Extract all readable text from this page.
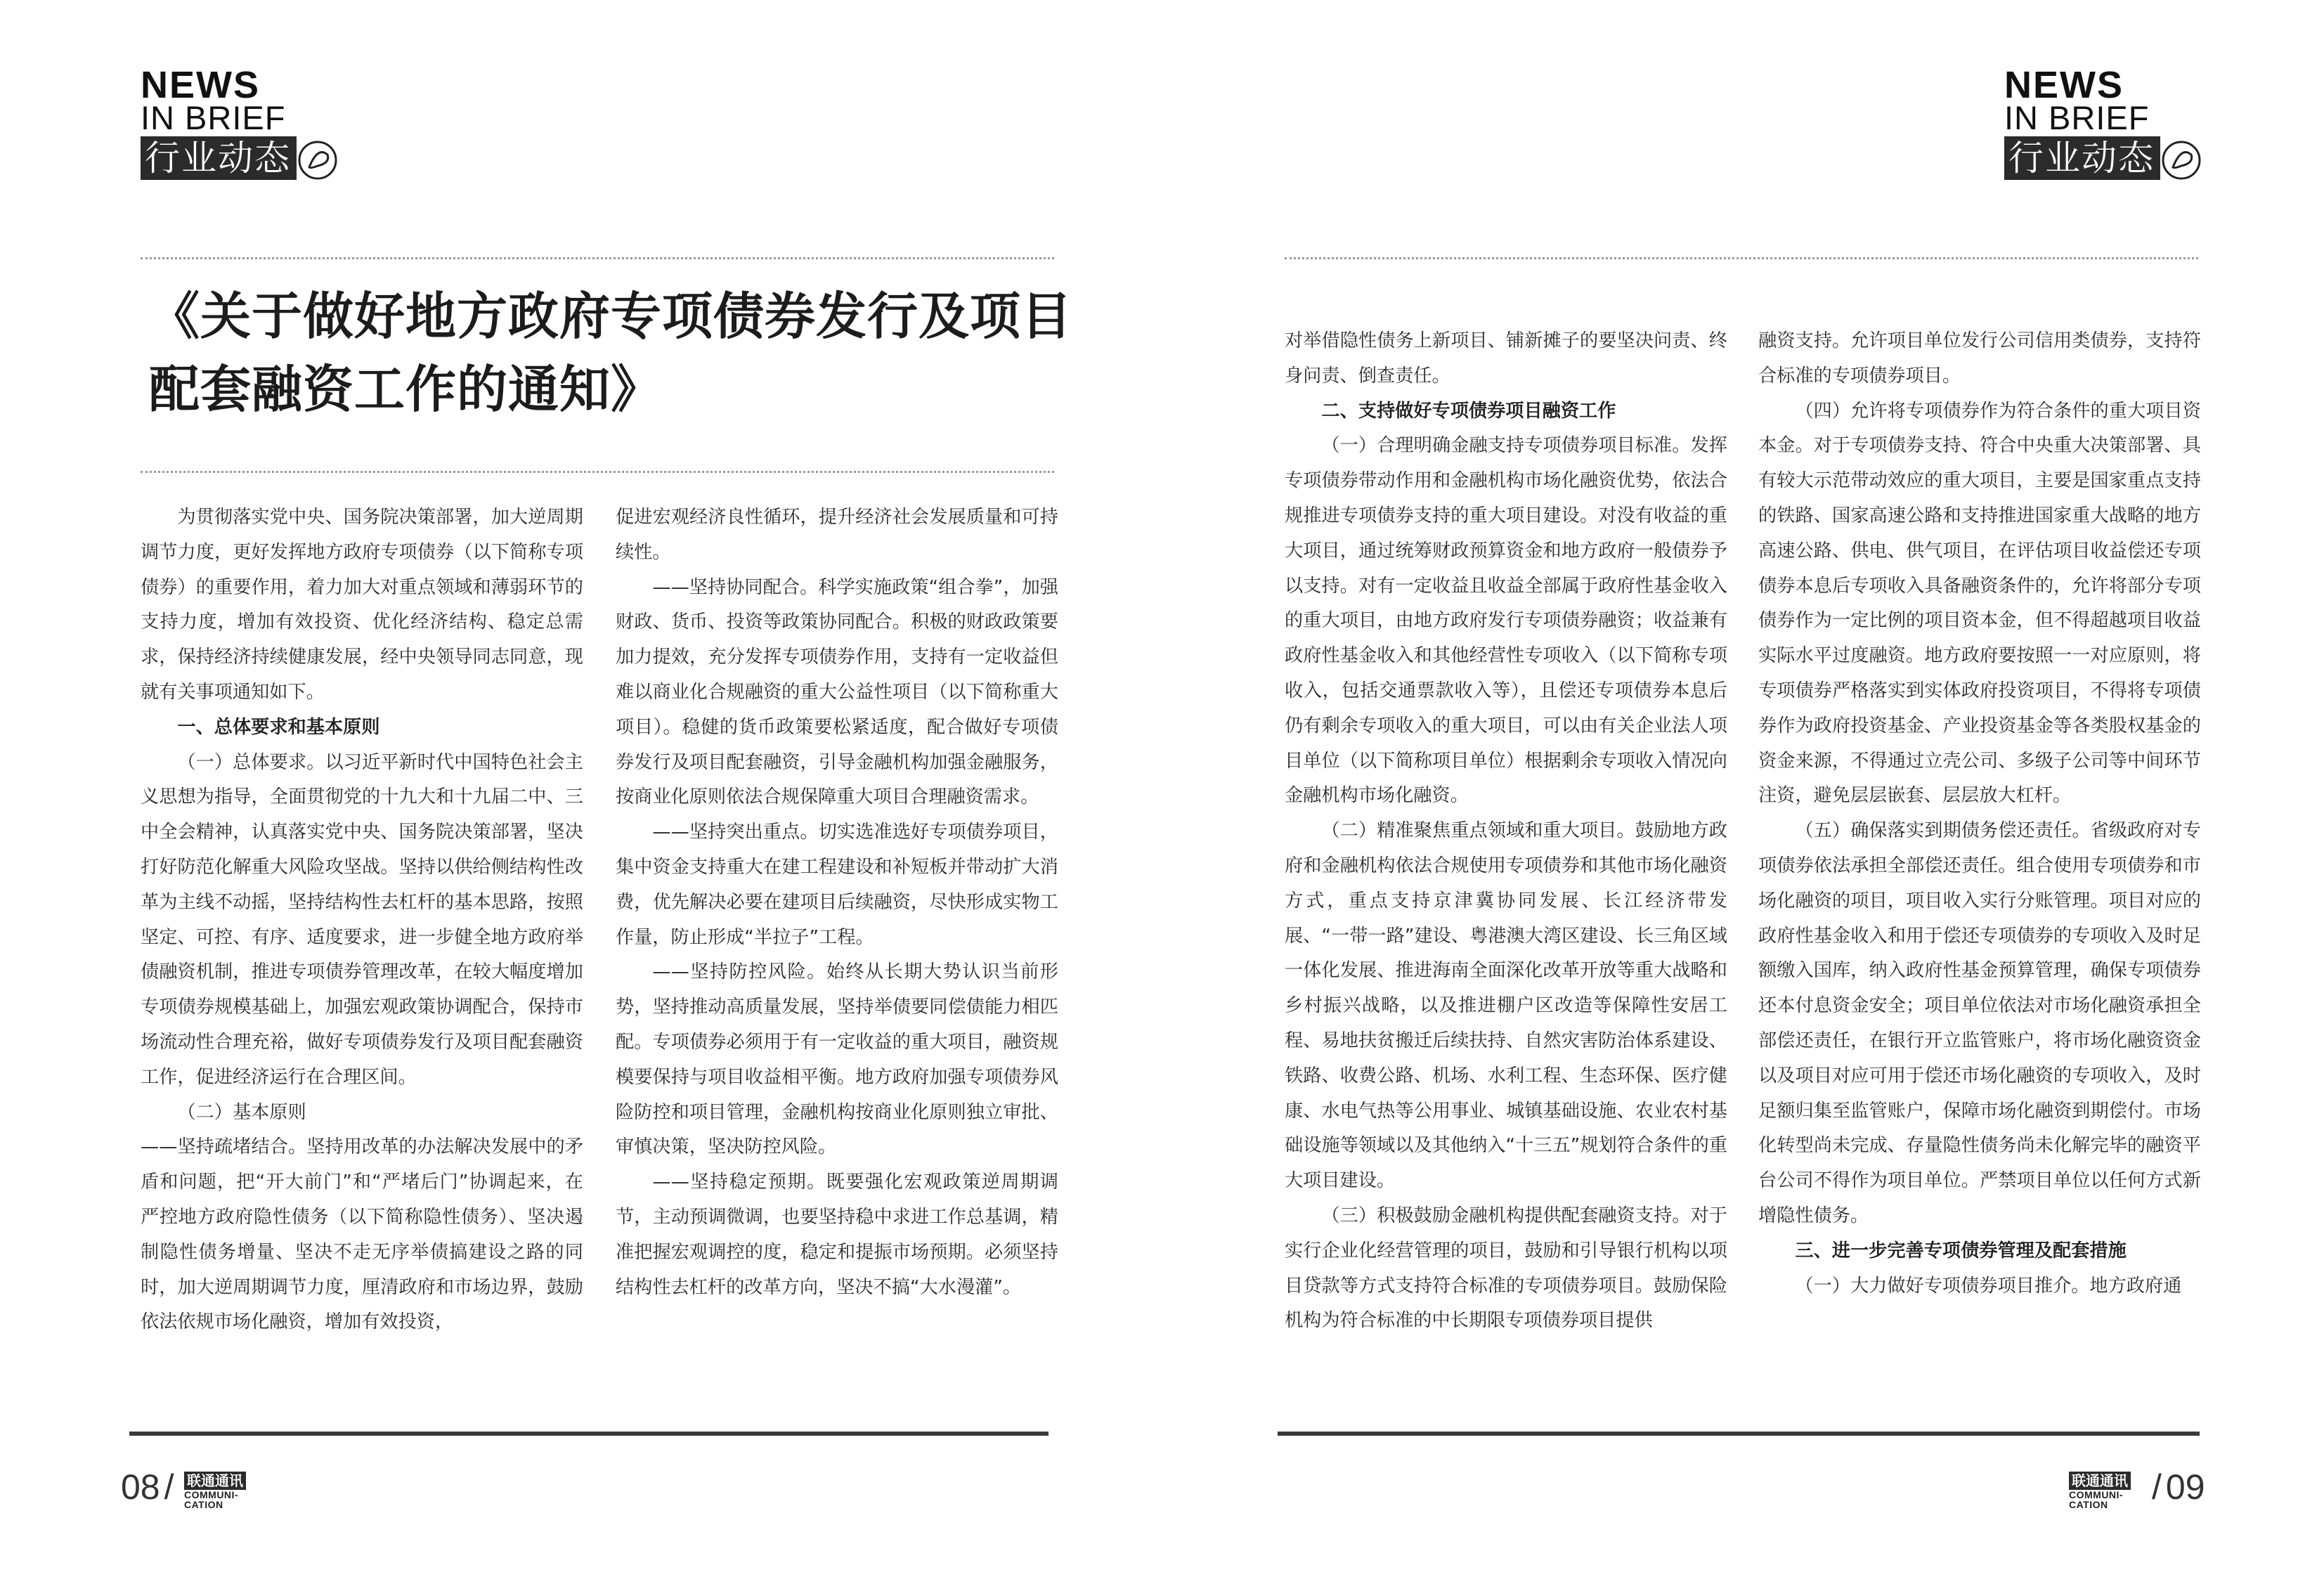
NEWS
IN BRIEF
行业动态
NEWS
IN BRIEF
行业动态
《关于做好地方政府专项债券发行及项目配套融资工作的通知》

为贯彻落实党中央、国务院决策部署，加大逆周期调节力度，更好发挥地方政府专项债券（以下简称专项债券）的重要作用，着力加大对重点领域和薄弱环节的支持力度，增加有效投资、优化经济结构、稳定总需求，保持经济持续健康发展，经中央领导同志同意，现就有关事项通知如下。

一、总体要求和基本原则

（一）总体要求。以习近平新时代中国特色社会主义思想为指导，全面贯彻党的十九大和十九届二中、三中全会精神，认真落实党中央、国务院决策部署，坚决打好防范化解重大风险攻坚战。坚持以供给侧结构性改革为主线不动摇，坚持结构性去杠杆的基本思路，按照坚定、可控、有序、适度要求，进一步健全地方政府举债融资机制，推进专项债券管理改革，在较大幅度增加专项债券规模基础上，加强宏观政策协调配合，保持市场流动性合理充裕，做好专项债券发行及项目配套融资工作，促进经济运行在合理区间。

（二）基本原则

——坚持疏堵结合。坚持用改革的办法解决发展中的矛盾和问题，把“开大前门”和“严堵后门”协调起来，在严控地方政府隐性债务（以下简称隐性债务）、坚决遏制隐性债务增量、坚决不走无序举债搞建设之路的同时，加大逆周期调节力度，厘清政府和市场边界，鼓励依法依规市场化融资，增加有效投资，

促进宏观经济良性循环，提升经济社会发展质量和可持续性。

——坚持协同配合。科学实施政策“组合拳”，加强财政、货币、投资等政策协同配合。积极的财政政策要加力提效，充分发挥专项债券作用，支持有一定收益但难以商业化合规融资的重大公益性项目（以下简称重大项目）。稳健的货币政策要松紧适度，配合做好专项债券发行及项目配套融资，引导金融机构加强金融服务，按商业化原则依法合规保障重大项目合理融资需求。

——坚持突出重点。切实选准选好专项债券项目，集中资金支持重大在建工程建设和补短板并带动扩大消费，优先解决必要在建项目后续融资，尽快形成实物工作量，防止形成“半拉子”工程。

——坚持防控风险。始终从长期大势认识当前形势，坚持推动高质量发展，坚持举债要同偿债能力相匹配。专项债券必须用于有一定收益的重大项目，融资规模要保持与项目收益相平衡。地方政府加强专项债券风险防控和项目管理，金融机构按商业化原则独立审批、审慎决策，坚决防控风险。

——坚持稳定预期。既要强化宏观政策逆周期调节，主动预调微调，也要坚持稳中求进工作总基调，精准把握宏观调控的度，稳定和提振市场预期。必须坚持结构性去杠杆的改革方向，坚决不搞“大水漫灌”。

对举借隐性债务上新项目、铺新摊子的要坚决问责、终身问责、倒查责任。

二、支持做好专项债券项目融资工作

（一）合理明确金融支持专项债券项目标准。发挥专项债券带动作用和金融机构市场化融资优势，依法合规推进专项债券支持的重大项目建设。对没有收益的重大项目，通过统筹财政预算资金和地方政府一般债券予以支持。对有一定收益且收益全部属于政府性基金收入的重大项目，由地方政府发行专项债券融资；收益兼有政府性基金收入和其他经营性专项收入（以下简称专项收入，包括交通票款收入等），且偿还专项债券本息后仍有剩余专项收入的重大项目，可以由有关企业法人项目单位（以下简称项目单位）根据剩余专项收入情况向金融机构市场化融资。

（二）精准聚焦重点领域和重大项目。鼓励地方政府和金融机构依法合规使用专项债券和其他市场化融资方式，重点支持京津冀协同发展、长江经济带发展、“一带一路”建设、粤港澳大湾区建设、长三角区域一体化发展、推进海南全面深化改革开放等重大战略和乡村振兴战略，以及推进棚户区改造等保障性安居工程、易地扶贫搬迁后续扶持、自然灾害防治体系建设、铁路、收费公路、机场、水利工程、生态环保、医疗健康、水电气热等公用事业、城镇基础设施、农业农村基础设施等领域以及其他纳入“十三五”规划符合条件的重大项目建设。

（三）积极鼓励金融机构提供配套融资支持。对于实行企业化经营管理的项目，鼓励和引导银行机构以项目贷款等方式支持符合标准的专项债券项目。鼓励保险机构为符合标准的中长期限专项债券项目提供

融资支持。允许项目单位发行公司信用类债券，支持符合标准的专项债券项目。

（四）允许将专项债券作为符合条件的重大项目资本金。对于专项债券支持、符合中央重大决策部署、具有较大示范带动效应的重大项目，主要是国家重点支持的铁路、国家高速公路和支持推进国家重大战略的地方高速公路、供电、供气项目，在评估项目收益偿还专项债券本息后专项收入具备融资条件的，允许将部分专项债券作为一定比例的项目资本金，但不得超越项目收益实际水平过度融资。地方政府要按照一一对应原则，将专项债券严格落实到实体政府投资项目，不得将专项债券作为政府投资基金、产业投资基金等各类股权基金的资金来源，不得通过立壳公司、多级子公司等中间环节注资，避免层层嵌套、层层放大杠杆。

（五）确保落实到期债务偿还责任。省级政府对专项债券依法承担全部偿还责任。组合使用专项债券和市场化融资的项目，项目收入实行分账管理。项目对应的政府性基金收入和用于偿还专项债券的专项收入及时足额缴入国库，纳入政府性基金预算管理，确保专项债券还本付息资金安全；项目单位依法对市场化融资承担全部偿还责任，在银行开立监管账户，将市场化融资资金以及项目对应可用于偿还市场化融资的专项收入，及时足额归集至监管账户，保障市场化融资到期偿付。市场化转型尚未完成、存量隐性债务尚未化解完毕的融资平台公司不得作为项目单位。严禁项目单位以任何方式新增隐性债务。

三、进一步完善专项债券管理及配套措施

（一）大力做好专项债券项目推介。地方政府通

08 / 联通通讯
COMMUNI-
CATION
联通通讯
COMMUNI-
CATION	/ 09
